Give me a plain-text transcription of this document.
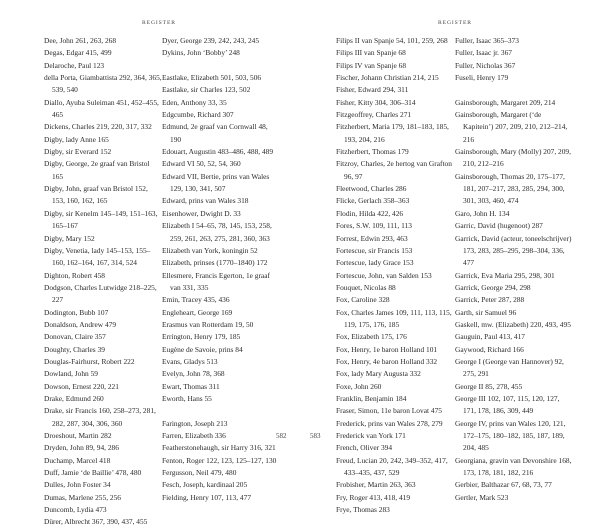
REGISTER
Dee, John 261, 263, 268
Degas, Edgar 415, 499
Delaroche, Paul 123
della Porta, Giambattista 292, 364, 365, 539, 540
Diallo, Ayuba Suleiman 451, 452–455, 465
Dickens, Charles 219, 220, 317, 332
Digby, lady Anne 165
Digby, sir Everard 152
Digby, George, 2e graaf van Bristol 165
Digby, John, graaf van Bristol 152, 153, 160, 162, 165
Digby, sir Kenelm 145–149, 151–163, 165–167
Digby, Mary 152
Digby, Venetia, lady 145–153, 155–160, 162–164, 167, 314, 524
Dighton, Robert 458
Dodgson, Charles Lutwidge 218–225, 227
Dodington, Bubb 107
Donaldson, Andrew 479
Donovan, Claire 357
Doughty, Charles 39
Douglas-Fairhurst, Robert 222
Dowland, John 59
Dowson, Ernest 220, 221
Drake, Edmund 260
Drake, sir Francis 160, 258–273, 281, 282, 287, 304, 306, 360
Droeshout, Martin 282
Dryden, John 89, 94, 286
Duchamp, Marcel 418
Duff, Jamie ‘de Baillie’ 478, 480
Dulles, John Foster 34
Dumas, Marlene 255, 256
Duncomb, Lydia 473
Dürer, Albrecht 367, 390, 437, 455
Dyer, George 239, 242, 243, 245
Dykins, John ‘Bobby’ 248
Eastlake, Elizabeth 501, 503, 506
Eastlake, sir Charles 123, 502
Eden, Anthony 33, 35
Edgcumbe, Richard 307
Edmund, 2e graaf van Cornwall 48, 190
Edouart, Augustin 483–486, 488, 489
Edward VI 50, 52, 54, 360
Edward VII, Bertie, prins van Wales 129, 130, 341, 507
Edward, prins van Wales 318
Eisenhower, Dwight D. 33
Elizabeth I 54–65, 78, 145, 153, 258, 259, 261, 263, 275, 281, 360, 363
Elizabeth van York, koningin 52
Elizabeth, prinses (1770–1840) 172
Ellesmere, Francis Egerton, 1e graaf van 331, 335
Emin, Tracey 435, 436
Engleheart, George 169
Erasmus van Rotterdam 19, 50
Errington, Henry 179, 185
Eugène de Savoie, prins 84
Evans, Gladys 513
Evelyn, John 78, 368
Ewart, Thomas 311
Eworth, Hans 55
Farington, Joseph 213
Farren, Elizabeth 336
Featherstonehaugh, sir Harry 316, 321
Fenton, Roger 122, 123, 125–127, 130
Fergusson, Neil 479, 480
Fesch, Joseph, kardinaal 205
Fielding, Henry 107, 113, 477
582
REGISTER
Filips II van Spanje 54, 101, 259, 268
Filips III van Spanje 68
Filips IV van Spanje 68
Fischer, Johann Christian 214, 215
Fisher, Edward 294, 311
Fisher, Kitty 304, 306–314
Fitzgeoffrey, Charles 271
Fitzherbert, Maria 179, 181–183, 185, 193, 204, 216
Fitzherbert, Thomas 179
Fitzroy, Charles, 2e hertog van Grafton 96, 97
Fleetwood, Charles 286
Flicke, Gerlach 358–363
Flodin, Hilda 422, 426
Fores, S.W. 109, 111, 113
Forrest, Edwin 293, 463
Fortescue, sir Francis 153
Fortescue, lady Grace 153
Fortescue, John, van Salden 153
Fouquet, Nicolas 88
Fox, Caroline 328
Fox, Charles James 109, 111, 113, 115, 119, 175, 176, 185
Fox, Elizabeth 175, 176
Fox, Henry, 1e baron Holland 101
Fox, Henry, 4e baron Holland 332
Fox, lady Mary Augusta 332
Foxe, John 260
Franklin, Benjamin 184
Fraser, Simon, 11e baron Lovat 475
Frederick, prins van Wales 278, 279
Frederick van York 171
French, Oliver 394
Freud, Lucian 20, 242, 349–352, 417, 433–435, 437, 529
Frobisher, Martin 263, 363
Fry, Roger 413, 418, 419
Frye, Thomas 283
Fuller, Isaac 365–373
Fuller, Isaac jr. 367
Fuller, Nicholas 367
Fuseli, Henry 179
Gainsborough, Margaret 209, 214
Gainsborough, Margaret (‘de Kapitein’) 207, 209, 210, 212–214, 216
Gainsborough, Mary (Molly) 207, 209, 210, 212–216
Gainsborough, Thomas 20, 175–177, 181, 207–217, 283, 285, 294, 300, 301, 303, 460, 474
Garo, John H. 134
Garric, David (hugenoot) 287
Garrick, David (acteur, toneelschrijver) 173, 283, 285–295, 298–304, 336, 477
Garrick, Eva Maria 295, 298, 301
Garrick, George 294, 298
Garrick, Peter 287, 288
Garth, sir Samuel 96
Gaskell, mw. (Elizabeth) 220, 493, 495
Gauguin, Paul 413, 417
Gaywood, Richard 166
George I (George van Hannover) 92, 275, 291
George II 85, 278, 455
George III 102, 107, 115, 120, 127, 171, 178, 186, 309, 449
George IV, prins van Wales 120, 121, 172–175, 180–182, 185, 187, 189, 204, 485
Georgiana, gravin van Devonshire 168, 173, 178, 181, 182, 216
Gerbier, Balthazar 67, 68, 73, 77
Gertler, Mark 523
583
